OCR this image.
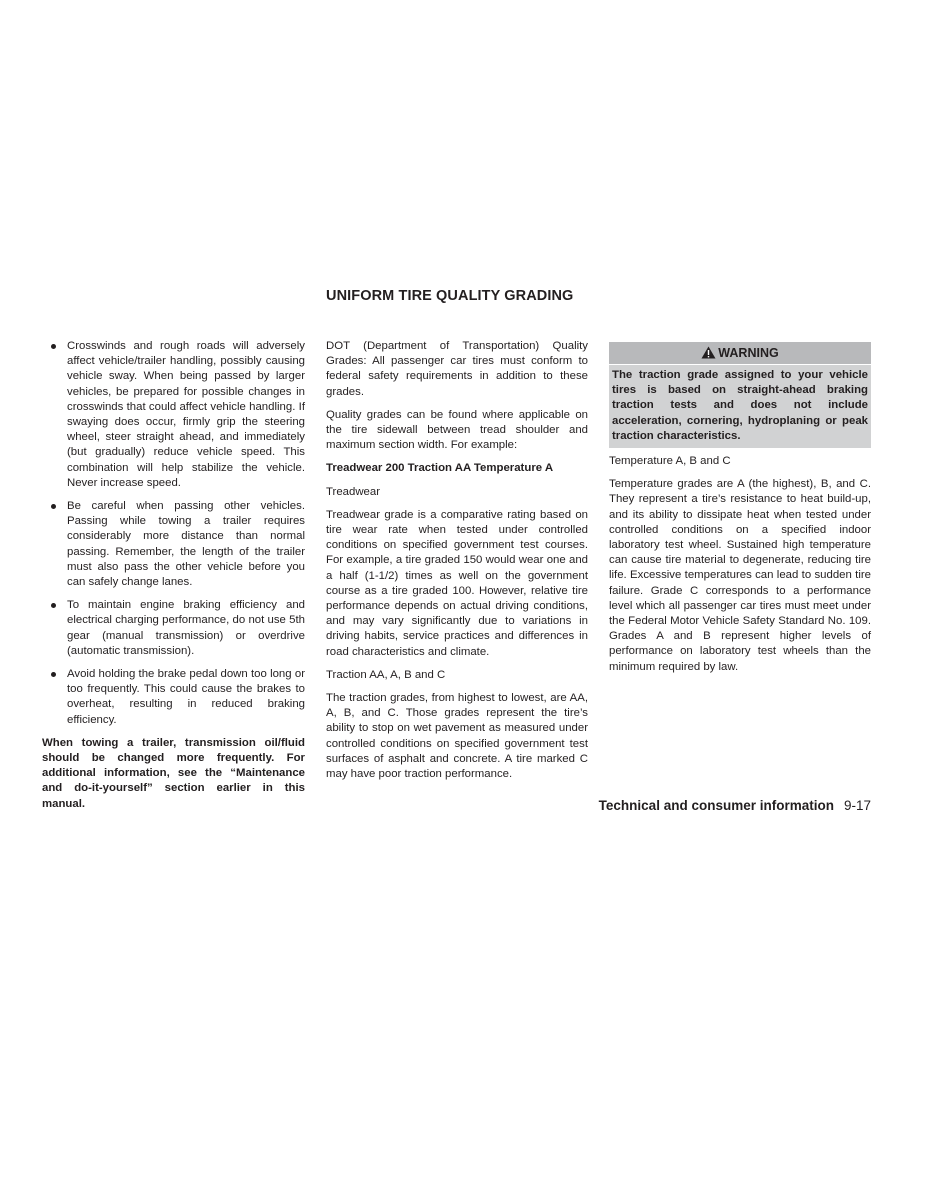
UNIFORM TIRE QUALITY GRADING
Crosswinds and rough roads will adversely affect vehicle/trailer handling, possibly causing vehicle sway. When being passed by larger vehicles, be prepared for possible changes in crosswinds that could affect vehicle handling. If swaying does occur, firmly grip the steering wheel, steer straight ahead, and immediately (but gradually) reduce vehicle speed. This combination will help stabilize the vehicle. Never increase speed.
Be careful when passing other vehicles. Passing while towing a trailer requires considerably more distance than normal passing. Remember, the length of the trailer must also pass the other vehicle before you can safely change lanes.
To maintain engine braking efficiency and electrical charging performance, do not use 5th gear (manual transmission) or overdrive (automatic transmission).
Avoid holding the brake pedal down too long or too frequently. This could cause the brakes to overheat, resulting in reduced braking efficiency.

When towing a trailer, transmission oil/fluid should be changed more frequently. For additional information, see the “Maintenance and do-it-yourself” section earlier in this manual.

DOT (Department of Transportation) Quality Grades: All passenger car tires must conform to federal safety requirements in addition to these grades.

Quality grades can be found where applicable on the tire sidewall between tread shoulder and maximum section width. For example:

Treadwear 200 Traction AA Temperature A

Treadwear

Treadwear grade is a comparative rating based on tire wear rate when tested under controlled conditions on specified government test courses. For example, a tire graded 150 would wear one and a half (1-1/2) times as well on the government course as a tire graded 100. However, relative tire performance depends on actual driving conditions, and may vary significantly due to variations in driving habits, service practices and differences in road characteristics and climate.

Traction AA, A, B and C

The traction grades, from highest to lowest, are AA, A, B, and C. Those grades represent the tire’s ability to stop on wet pavement as measured under controlled conditions on specified government test surfaces of asphalt and concrete. A tire marked C may have poor traction performance.

WARNING
The traction grade assigned to your vehicle tires is based on straight-ahead braking traction tests and does not include acceleration, cornering, hydroplaning or peak traction characteristics.

Temperature A, B and C

Temperature grades are A (the highest), B, and C. They represent a tire’s resistance to heat build-up, and its ability to dissipate heat when tested under controlled conditions on a specified indoor laboratory test wheel. Sustained high temperature can cause tire material to degenerate, reducing tire life. Excessive temperatures can lead to sudden tire failure. Grade C corresponds to a performance level which all passenger car tires must meet under the Federal Motor Vehicle Safety Standard No. 109. Grades A and B represent higher levels of performance on laboratory test wheels than the minimum required by law.

Technical and consumer information 9-17
